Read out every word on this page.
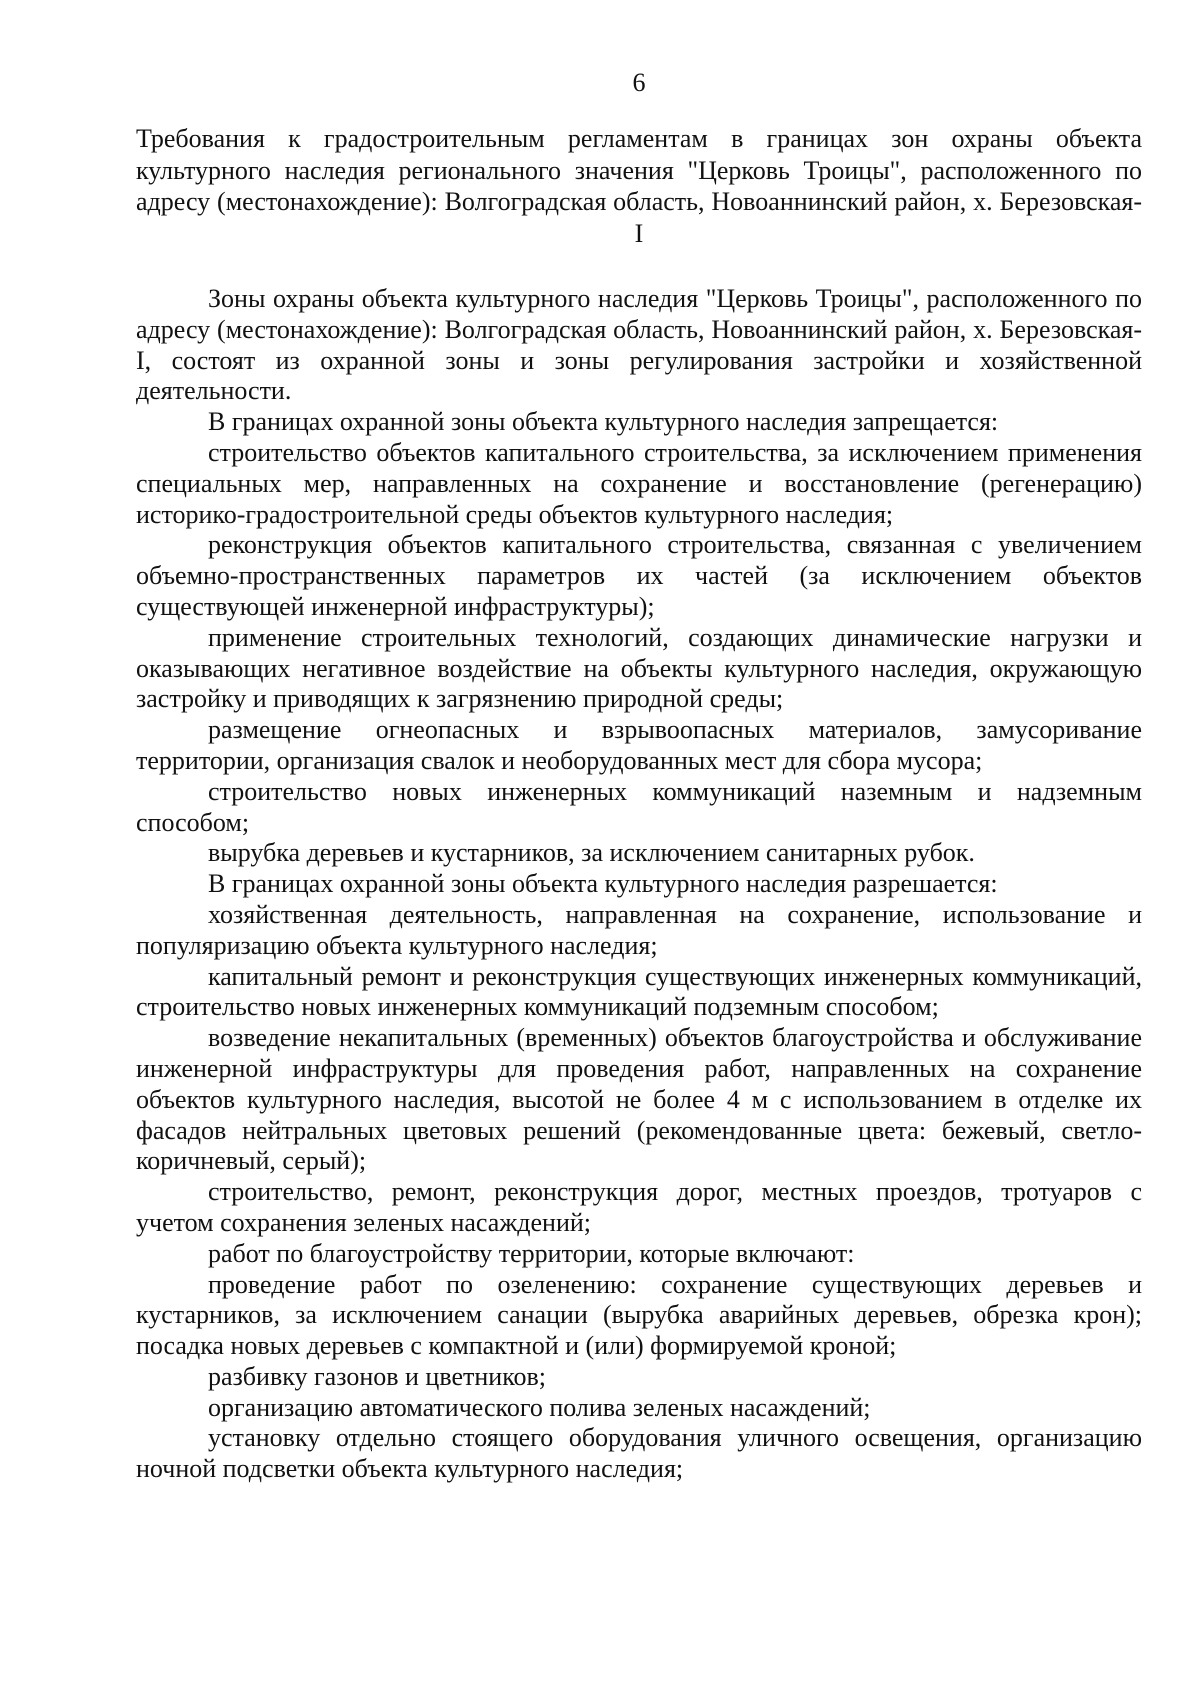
6
Требования к градостроительным регламентам в границах зон охраны объекта культурного наследия регионального значения "Церковь Троицы", расположенного по адресу (местонахождение): Волгоградская область, Новоаннинский район, х. Березовская-I

Зоны охраны объекта культурного наследия "Церковь Троицы", расположенного по адресу (местонахождение): Волгоградская область, Новоаннинский район, х. Березовская-I, состоят из охранной зоны и зоны регулирования застройки и хозяйственной деятельности.

В границах охранной зоны объекта культурного наследия запрещается:

строительство объектов капитального строительства, за исключением применения специальных мер, направленных на сохранение и восстановление (регенерацию) историко-градостроительной среды объектов культурного наследия;

реконструкция объектов капитального строительства, связанная с увеличением объемно-пространственных параметров их частей (за исключением объектов существующей инженерной инфраструктуры);

применение строительных технологий, создающих динамические нагрузки и оказывающих негативное воздействие на объекты культурного наследия, окружающую застройку и приводящих к загрязнению природной среды;

размещение огнеопасных и взрывоопасных материалов, замусоривание территории, организация свалок и необорудованных мест для сбора мусора;

строительство новых инженерных коммуникаций наземным и надземным способом;

вырубка деревьев и кустарников, за исключением санитарных рубок.

В границах охранной зоны объекта культурного наследия разрешается:

хозяйственная деятельность, направленная на сохранение, использование и популяризацию объекта культурного наследия;

капитальный ремонт и реконструкция существующих инженерных коммуникаций, строительство новых инженерных коммуникаций подземным способом;

возведение некапитальных (временных) объектов благоустройства и обслуживание инженерной инфраструктуры для проведения работ, направленных на сохранение объектов культурного наследия, высотой не более 4 м с использованием в отделке их фасадов нейтральных цветовых решений (рекомендованные цвета: бежевый, светло-коричневый, серый);

строительство, ремонт, реконструкция дорог, местных проездов, тротуаров с учетом сохранения зеленых насаждений;

работ по благоустройству территории, которые включают:

проведение работ по озеленению: сохранение существующих деревьев и кустарников, за исключением санации (вырубка аварийных деревьев, обрезка крон); посадка новых деревьев с компактной и (или) формируемой кроной;

разбивку газонов и цветников;

организацию автоматического полива зеленых насаждений;

установку отдельно стоящего оборудования уличного освещения, организацию ночной подсветки объекта культурного наследия;
